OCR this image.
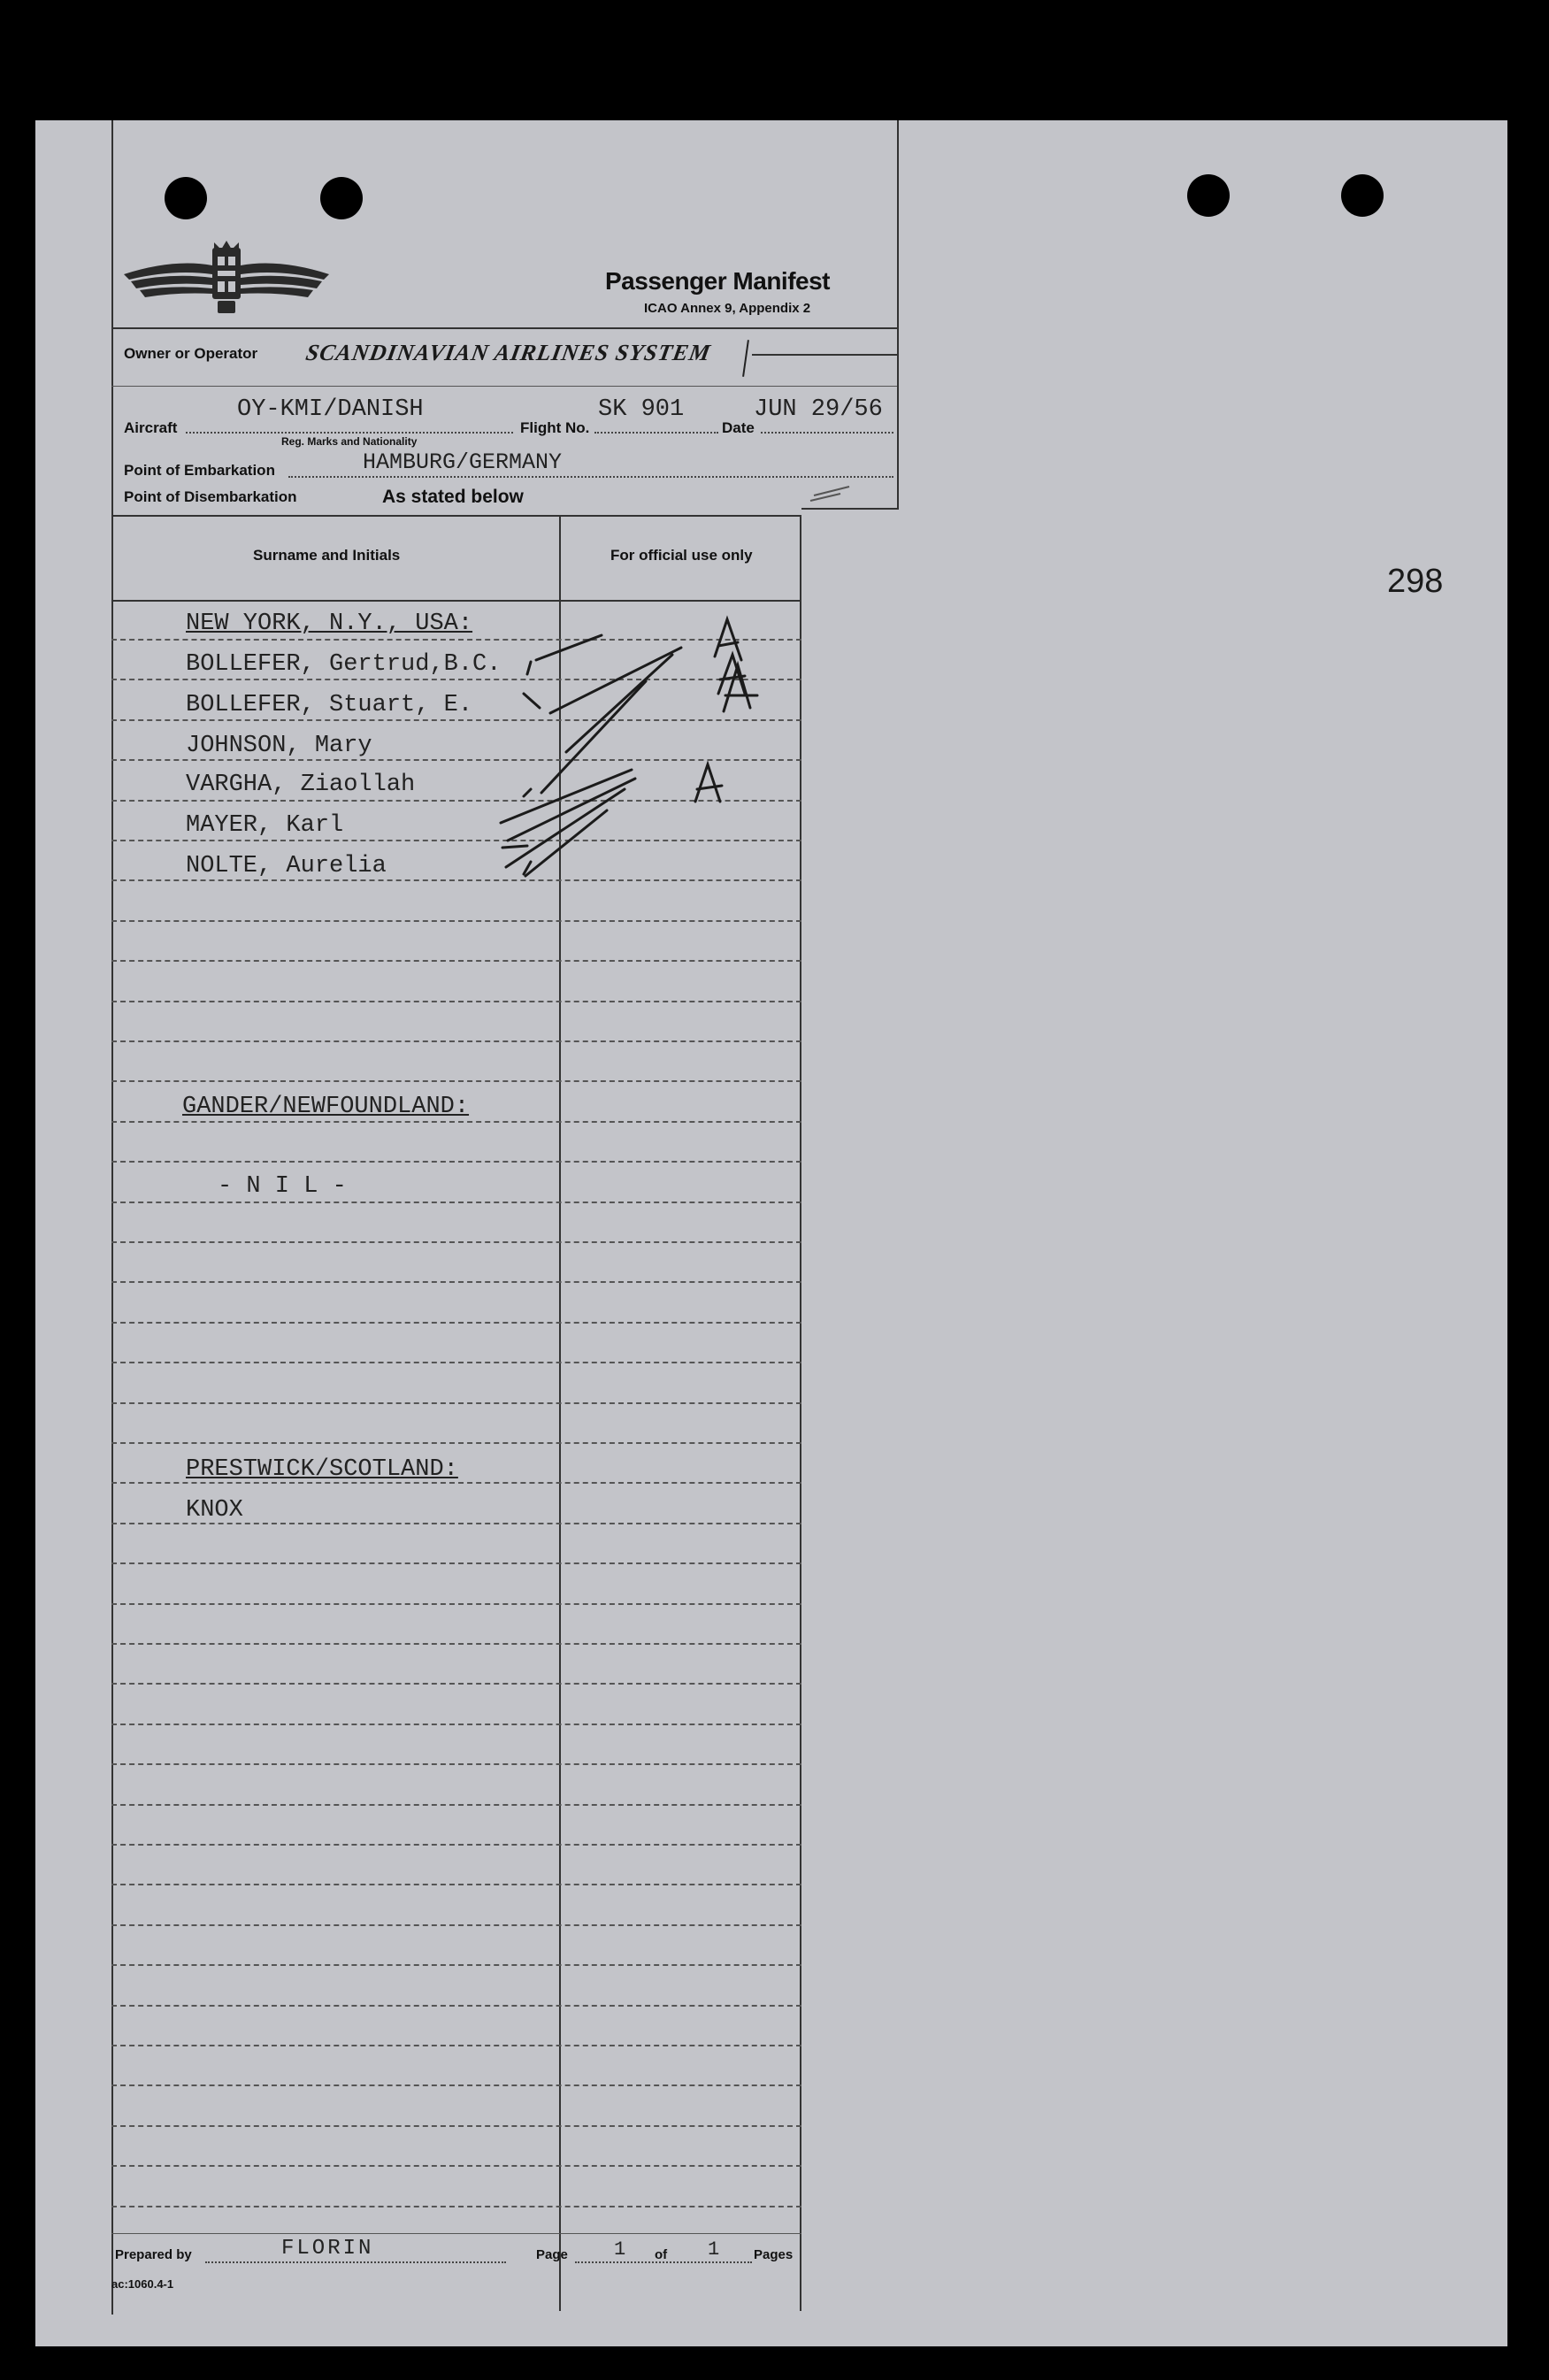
298
Passenger Manifest
ICAO Annex 9, Appendix 2
Owner or Operator SCANDINAVIAN AIRLINES SYSTEM
Aircraft
OY-KMI/DANISH
Reg. Marks and Nationality
Flight No.
SK 901
Date
JUN 29/56
Point of Embarkation	HAMBURG/GERMANY
Point of Disembarkation	As stated below
Surname and Initials	For official use only
NEW YORK, N.Y., USA:
BOLLEFER, Gertrud,B.C.
BOLLEFER, Stuart, E.
JOHNSON, Mary
VARGHA, Ziaollah
MAYER, Karl
NOLTE, Aurelia
GANDER/NEWFOUNDLAND:
- N I L -
PRESTWICK/SCOTLAND:
KNOX
Prepared by	FLORIN	Page 1 of 1	Pages
ac:1060.4-1
